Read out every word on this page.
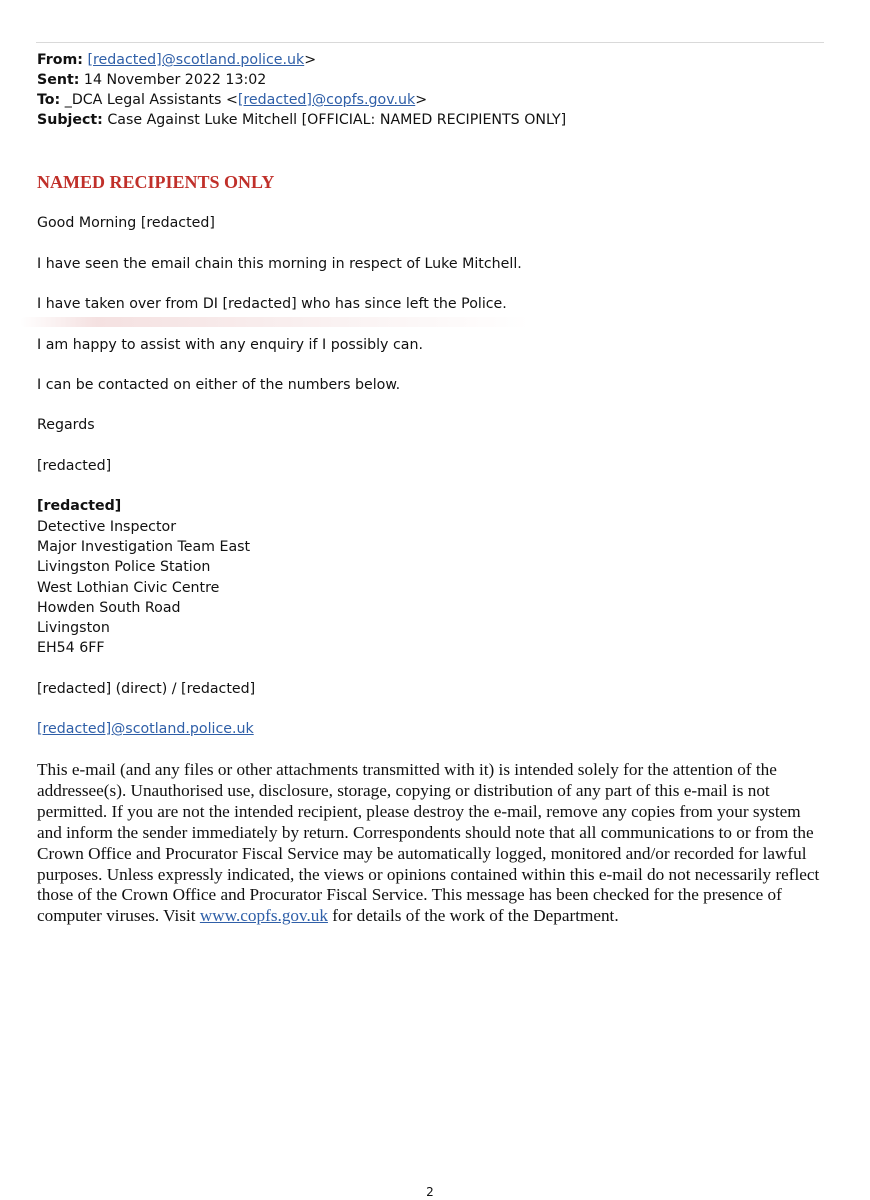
From: [redacted]@scotland.police.uk>
Sent: 14 November 2022 13:02
To: _DCA Legal Assistants <[redacted]@copfs.gov.uk>
Subject: Case Against Luke Mitchell [OFFICIAL: NAMED RECIPIENTS ONLY]
NAMED RECIPIENTS ONLY
Good Morning [redacted]
I have seen the email chain this morning in respect of Luke Mitchell.
I have taken over from DI [redacted] who has since left the Police.
I am happy to assist with any enquiry if I possibly can.
I can be contacted on either of the numbers below.
Regards
[redacted]
[redacted]
Detective Inspector
Major Investigation Team East
Livingston Police Station
West Lothian Civic Centre
Howden South Road
Livingston
EH54 6FF
[redacted] (direct) / [redacted]
[redacted]@scotland.police.uk
This e-mail (and any files or other attachments transmitted with it) is intended solely for the attention of the addressee(s). Unauthorised use, disclosure, storage, copying or distribution of any part of this e-mail is not permitted. If you are not the intended recipient, please destroy the e-mail, remove any copies from your system and inform the sender immediately by return. Correspondents should note that all communications to or from the Crown Office and Procurator Fiscal Service may be automatically logged, monitored and/or recorded for lawful purposes. Unless expressly indicated, the views or opinions contained within this e-mail do not necessarily reflect those of the Crown Office and Procurator Fiscal Service. This message has been checked for the presence of computer viruses. Visit www.copfs.gov.uk for details of the work of the Department.
2
